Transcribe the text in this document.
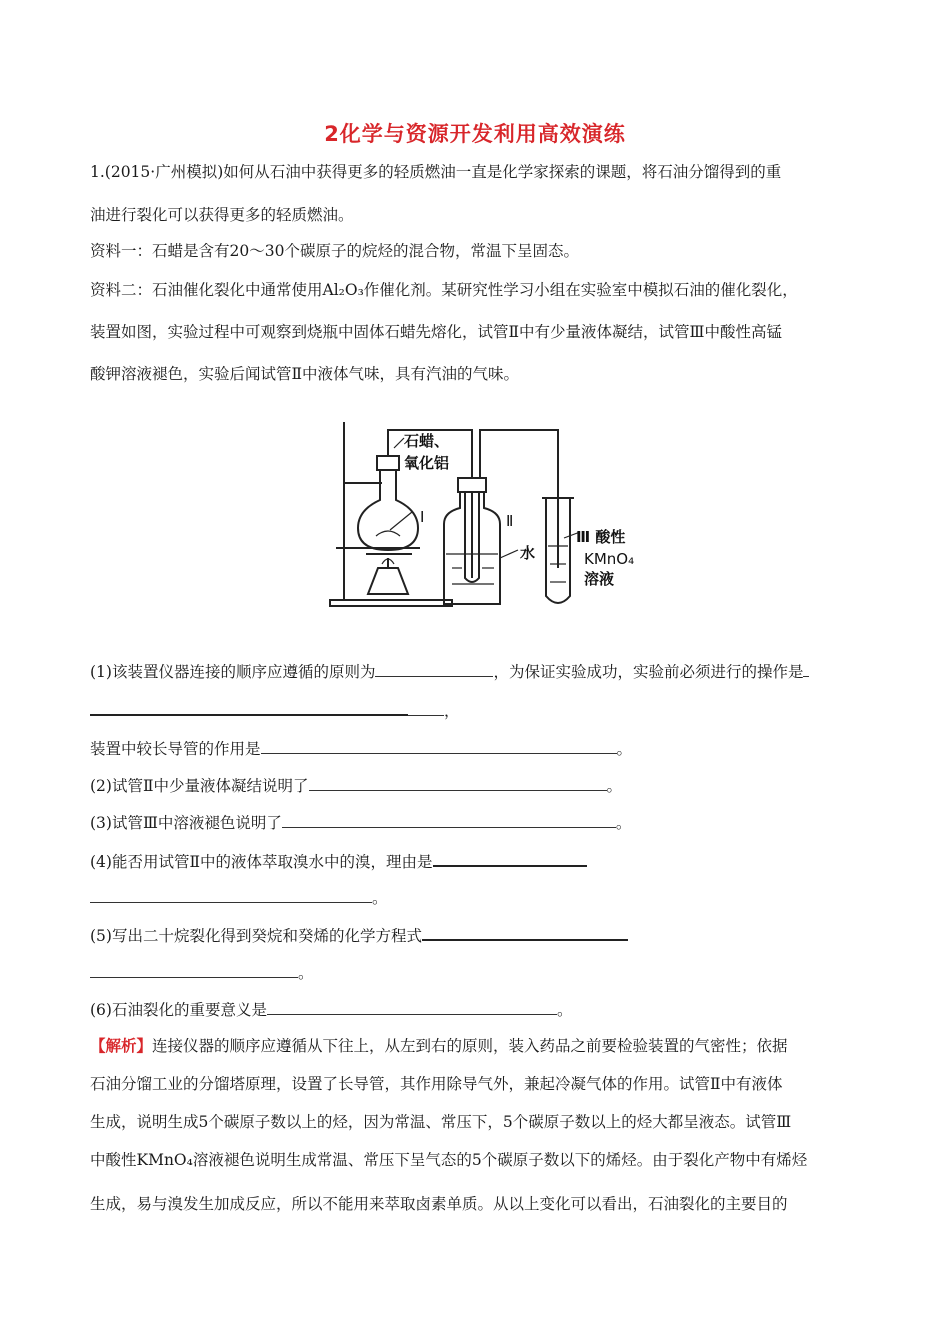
2化学与资源开发利用高效演练
1.(2015·广州模拟)如何从石油中获得更多的轻质燃油一直是化学家探索的课题，将石油分馏得到的重
油进行裂化可以获得更多的轻质燃油。
资料一：石蜡是含有20～30个碳原子的烷烃的混合物，常温下呈固态。
资料二：石油催化裂化中通常使用Al₂O₃作催化剂。某研究性学习小组在实验室中模拟石油的催化裂化，
装置如图，实验过程中可观察到烧瓶中固体石蜡先熔化，试管Ⅱ中有少量液体凝结，试管Ⅲ中酸性高锰
酸钾溶液褪色，实验后闻试管Ⅱ中液体气味，具有汽油的气味。
石蜡、
氧化铝
Ⅰ	Ⅱ
水
Ⅲ 酸性
KMnO₄
溶液
(1)该装置仪器连接的顺序应遵循的原则为	，为保证实验成功，实验前必须进行的操作是
，
装置中较长导管的作用是	。
(2)试管Ⅱ中少量液体凝结说明了	。
(3)试管Ⅲ中溶液褪色说明了	。
(4)能否用试管Ⅱ中的液体萃取溴水中的溴，理由是
。
(5)写出二十烷裂化得到癸烷和癸烯的化学方程式
。
(6)石油裂化的重要意义是	。
【解析】连接仪器的顺序应遵循从下往上，从左到右的原则，装入药品之前要检验装置的气密性；依据
石油分馏工业的分馏塔原理，设置了长导管，其作用除导气外，兼起冷凝气体的作用。试管Ⅱ中有液体
生成，说明生成5个碳原子数以上的烃，因为常温、常压下，5个碳原子数以上的烃大都呈液态。试管Ⅲ
中酸性KMnO₄溶液褪色说明生成常温、常压下呈气态的5个碳原子数以下的烯烃。由于裂化产物中有烯烃
生成，易与溴发生加成反应，所以不能用来萃取卤素单质。从以上变化可以看出，石油裂化的主要目的
